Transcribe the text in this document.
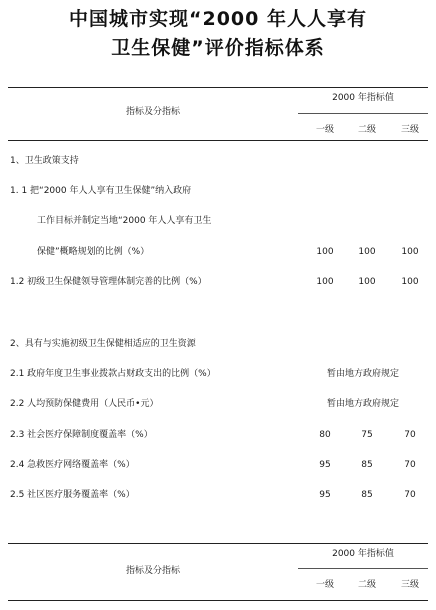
中国城市实现“2000 年人人享有
卫生保健”评价指标体系
指标及分指标
2000 年指标值
一级	二级	三级
1、卫生政策支持
1. 1 把“2000 年人人享有卫生保健”纳入政府
工作目标并制定当地“2000 年人人享有卫生
保健”概略规划的比例（%）	100	100	100
1.2 初级卫生保健领导管理体制完善的比例（%）	100	100	100
2、具有与实施初级卫生保健相适应的卫生资源
2.1 政府年度卫生事业拨款占财政支出的比例（%）	暂由地方政府规定
2.2 人均预防保健费用（人民币•元）	暂由地方政府规定
2.3 社会医疗保障制度覆盖率（%）	80	75	70
2.4 急救医疗网络覆盖率（%）	95	85	70
2.5 社区医疗服务覆盖率（%）	95	85	70
指标及分指标
2000 年指标值
一级	二级	三级
